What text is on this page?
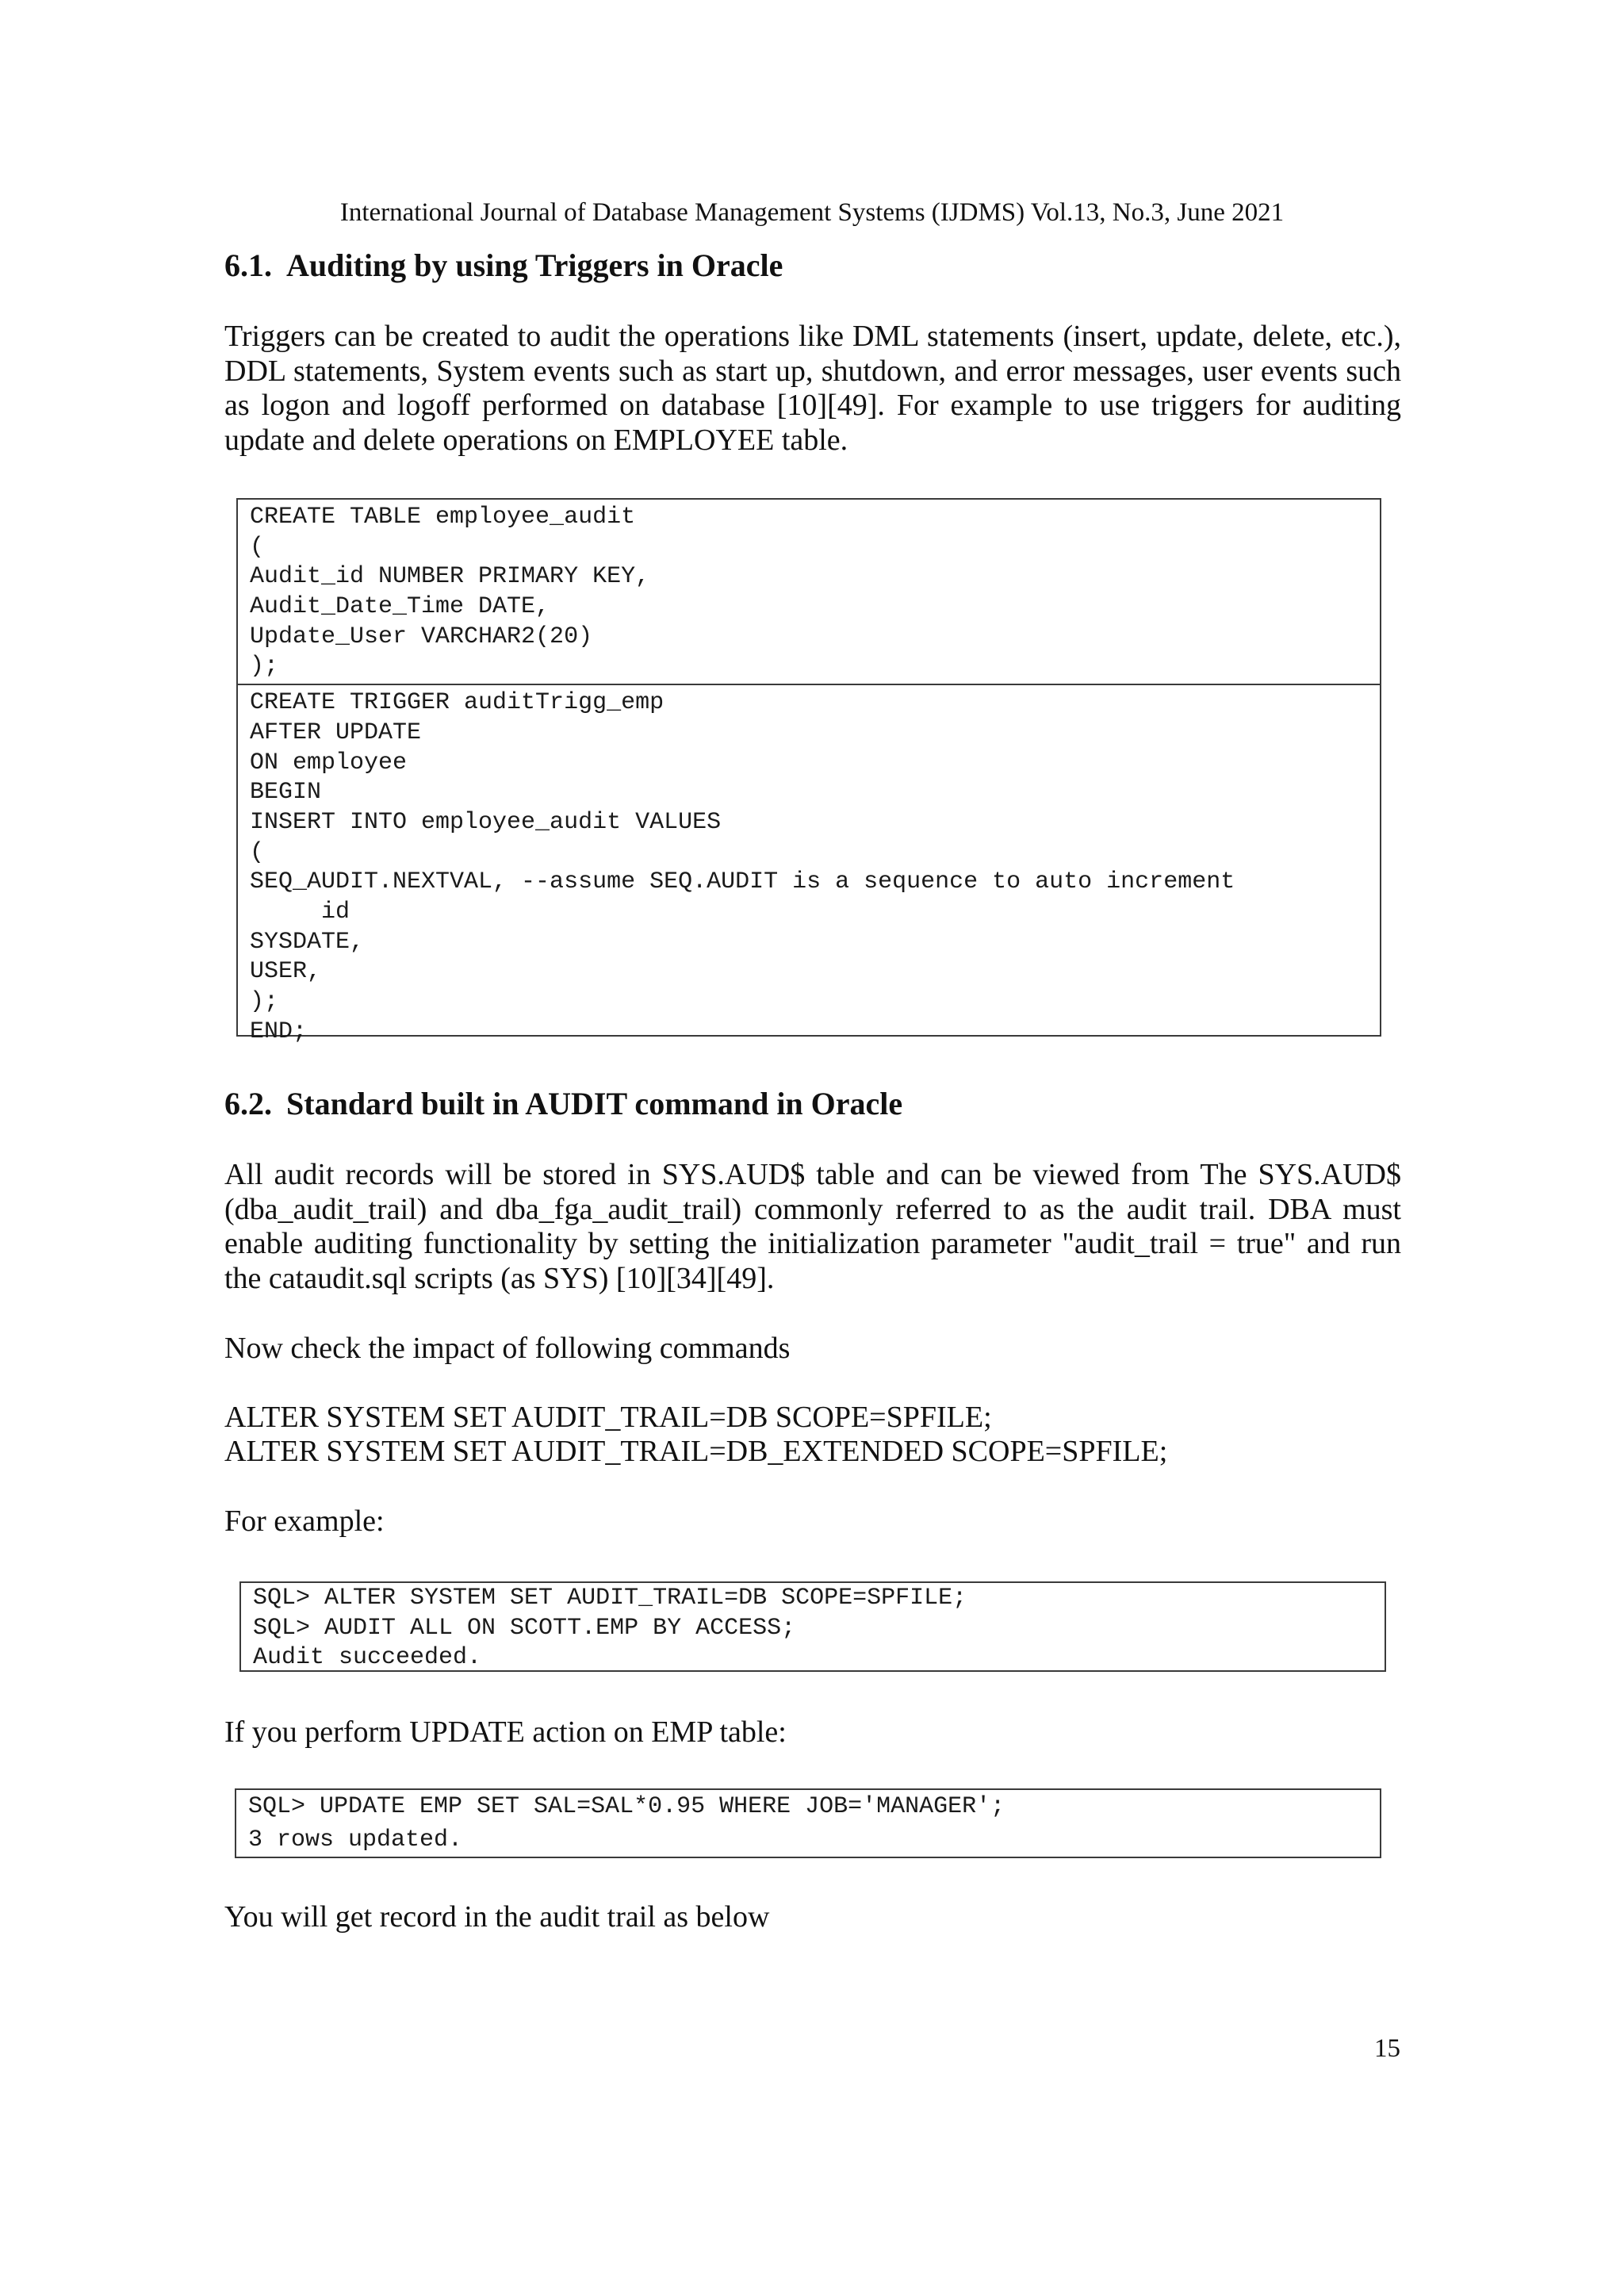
International Journal of Database Management Systems (IJDMS) Vol.13, No.3, June 2021
6.1. Auditing by using Triggers in Oracle

Triggers can be created to audit the operations like DML statements (insert, update, delete, etc.), DDL statements, System events such as start up, shutdown, and error messages, user events such as logon and logoff performed on database [10][49]. For example to use triggers for auditing update and delete operations on EMPLOYEE table.

CREATE TABLE employee_audit
(
Audit_id NUMBER PRIMARY KEY,
Audit_Date_Time DATE,
Update_User VARCHAR2(20)
);
CREATE TRIGGER auditTrigg_emp
AFTER UPDATE
ON employee
BEGIN
INSERT INTO employee_audit VALUES
(
SEQ_AUDIT.NEXTVAL, --assume SEQ.AUDIT is a sequence to auto increment
id
SYSDATE,
USER,
);
END;
6.2. Standard built in AUDIT command in Oracle

All audit records will be stored in SYS.AUD$ table and can be viewed from The SYS.AUD$ (dba_audit_trail) and dba_fga_audit_trail) commonly referred to as the audit trail. DBA must enable auditing functionality by setting the initialization parameter "audit_trail = true" and run the cataudit.sql scripts (as SYS) [10][34][49].

Now check the impact of following commands
ALTER SYSTEM SET AUDIT_TRAIL=DB SCOPE=SPFILE;
ALTER SYSTEM SET AUDIT_TRAIL=DB_EXTENDED SCOPE=SPFILE;
For example:
SQL> ALTER SYSTEM SET AUDIT_TRAIL=DB SCOPE=SPFILE;
SQL> AUDIT ALL ON SCOTT.EMP BY ACCESS;
Audit succeeded.
If you perform UPDATE action on EMP table:
SQL> UPDATE EMP SET SAL=SAL*0.95 WHERE JOB='MANAGER';
3 rows updated.
You will get record in the audit trail as below
15
